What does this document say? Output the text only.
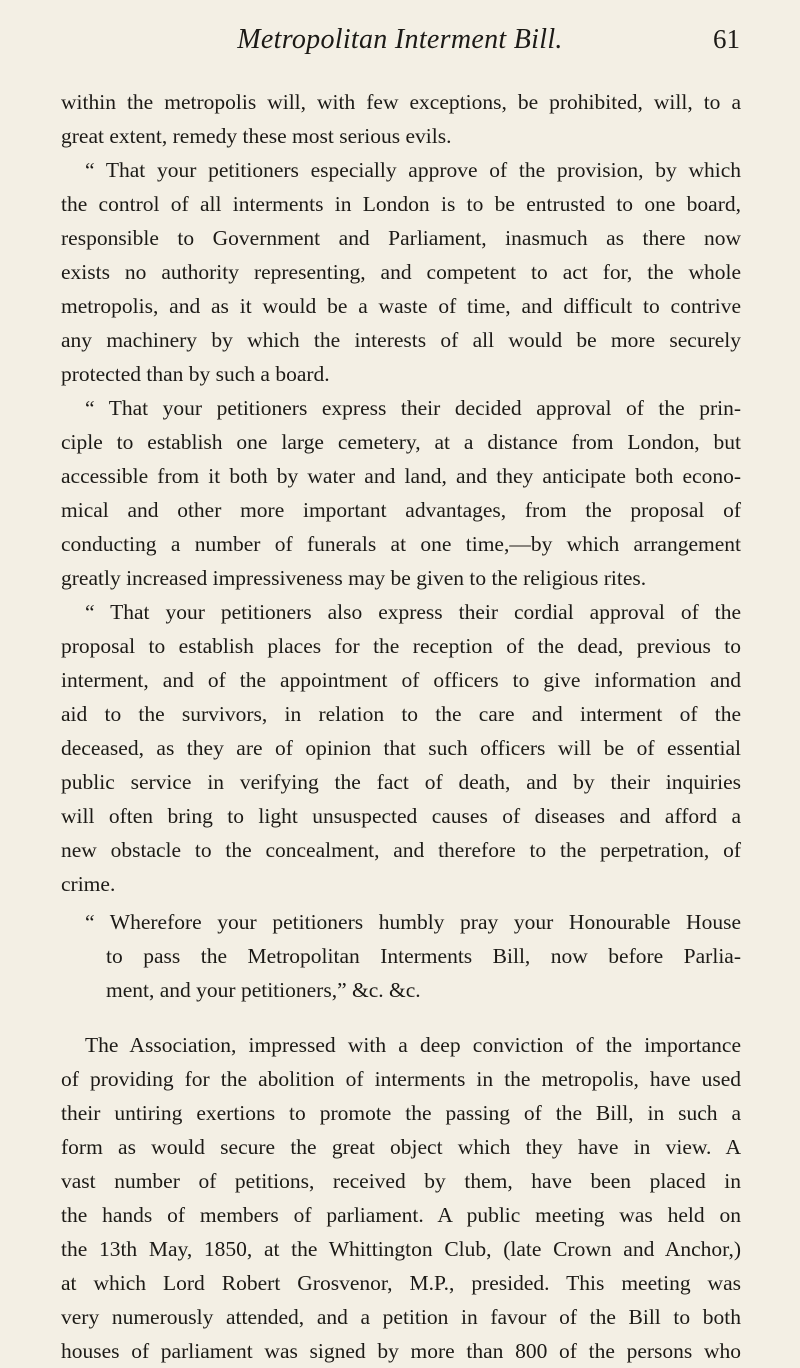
Metropolitan Interment Bill.	61
within the metropolis will, with few exceptions, be prohibited, will, to a
great extent, remedy these most serious evils.
“ That your petitioners especially approve of the provision, by which
the control of all interments in London is to be entrusted to one board,
responsible to Government and Parliament, inasmuch as there now
exists no authority representing, and competent to act for, the whole
metropolis, and as it would be a waste of time, and difficult to contrive
any machinery by which the interests of all would be more securely
protected than by such a board.
“ That your petitioners express their decided approval of the prin-
ciple to establish one large cemetery, at a distance from London, but
accessible from it both by water and land, and they anticipate both econo-
mical and other more important advantages, from the proposal of
conducting a number of funerals at one time,—by which arrangement
greatly increased impressiveness may be given to the religious rites.
“ That your petitioners also express their cordial approval of the
proposal to establish places for the reception of the dead, previous to
interment, and of the appointment of officers to give information and
aid to the survivors, in relation to the care and interment of the
deceased, as they are of opinion that such officers will be of essential
public service in verifying the fact of death, and by their inquiries
will often bring to light unsuspected causes of diseases and afford a
new obstacle to the concealment, and therefore to the perpetration, of
crime.
“ Wherefore your petitioners humbly pray your Honourable House
to pass the Metropolitan Interments Bill, now before Parlia-
ment, and your petitioners,” &c. &c.
The Association, impressed with a deep conviction of the importance
of providing for the abolition of interments in the metropolis, have used
their untiring exertions to promote the passing of the Bill, in such a
form as would secure the great object which they have in view. A
vast number of petitions, received by them, have been placed in
the hands of members of parliament. A public meeting was held on
the 13th May, 1850, at the Whittington Club, (late Crown and Anchor,)
at which Lord Robert Grosvenor, M.P., presided. This meeting was
very numerously attended, and a petition in favour of the Bill to both
houses of parliament was signed by more than 800 of the persons who
